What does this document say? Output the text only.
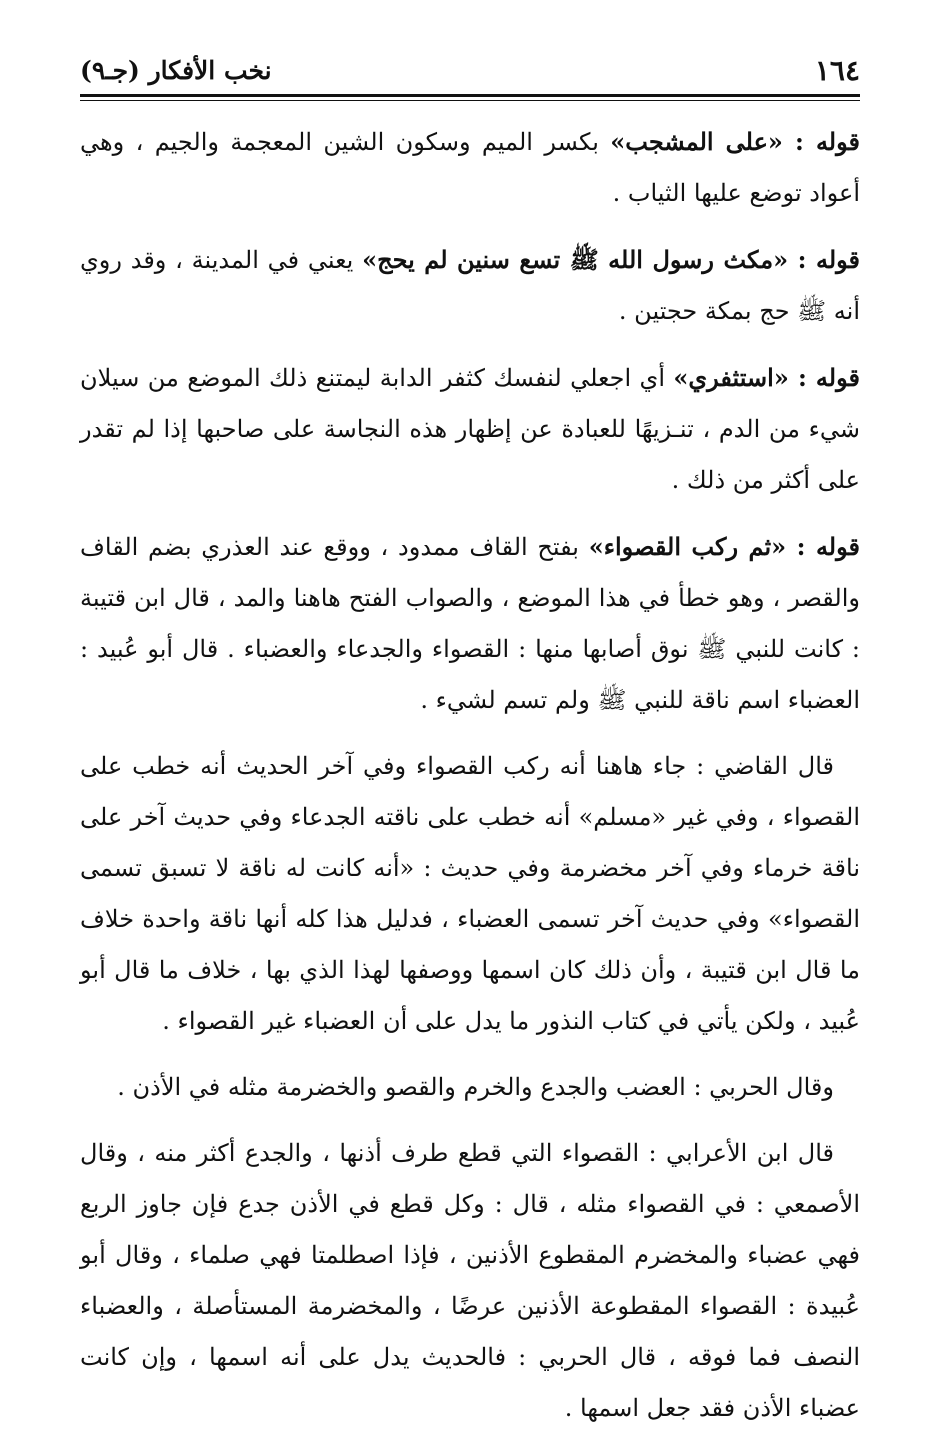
١٦٤
نخب الأفكار (جـ٩)

قوله : «على المشجب» بكسر الميم وسكون الشين المعجمة والجيم ، وهي أعواد توضع عليها الثياب .

قوله : «مكث رسول الله ﷺ تسع سنين لم يحج» يعني في المدينة ، وقد روي أنه ﷺ حج بمكة حجتين .

قوله : «استثفري» أي اجعلي لنفسك كثفر الدابة ليمتنع ذلك الموضع من سيلان شيء من الدم ، تنـزيهًا للعبادة عن إظهار هذه النجاسة على صاحبها إذا لم تقدر على أكثر من ذلك .

قوله : «ثم ركب القصواء» بفتح القاف ممدود ، ووقع عند العذري بضم القاف والقصر ، وهو خطأ في هذا الموضع ، والصواب الفتح هاهنا والمد ، قال ابن قتيبة : كانت للنبي ﷺ نوق أصابها منها : القصواء والجدعاء والعضباء . قال أبو عُبيد : العضباء اسم ناقة للنبي ﷺ ولم تسم لشيء .

قال القاضي : جاء هاهنا أنه ركب القصواء وفي آخر الحديث أنه خطب على القصواء ، وفي غير «مسلم» أنه خطب على ناقته الجدعاء وفي حديث آخر على ناقة خرماء وفي آخر مخضرمة وفي حديث : «أنه كانت له ناقة لا تسبق تسمى القصواء» وفي حديث آخر تسمى العضباء ، فدليل هذا كله أنها ناقة واحدة خلاف ما قال ابن قتيبة ، وأن ذلك كان اسمها ووصفها لهذا الذي بها ، خلاف ما قال أبو عُبيد ، ولكن يأتي في كتاب النذور ما يدل على أن العضباء غير القصواء .

وقال الحربي : العضب والجدع والخرم والقصو والخضرمة مثله في الأذن .

قال ابن الأعرابي : القصواء التي قطع طرف أذنها ، والجدع أكثر منه ، وقال الأصمعي : في القصواء مثله ، قال : وكل قطع في الأذن جدع فإن جاوز الربع فهي عضباء والمخضرم المقطوع الأذنين ، فإذا اصطلمتا فهي صلماء ، وقال أبو عُبيدة : القصواء المقطوعة الأذنين عرضًا ، والمخضرمة المستأصلة ، والعضباء النصف فما فوقه ، قال الحربي : فالحديث يدل على أنه اسمها ، وإن كانت عضباء الأذن فقد جعل اسمها .
